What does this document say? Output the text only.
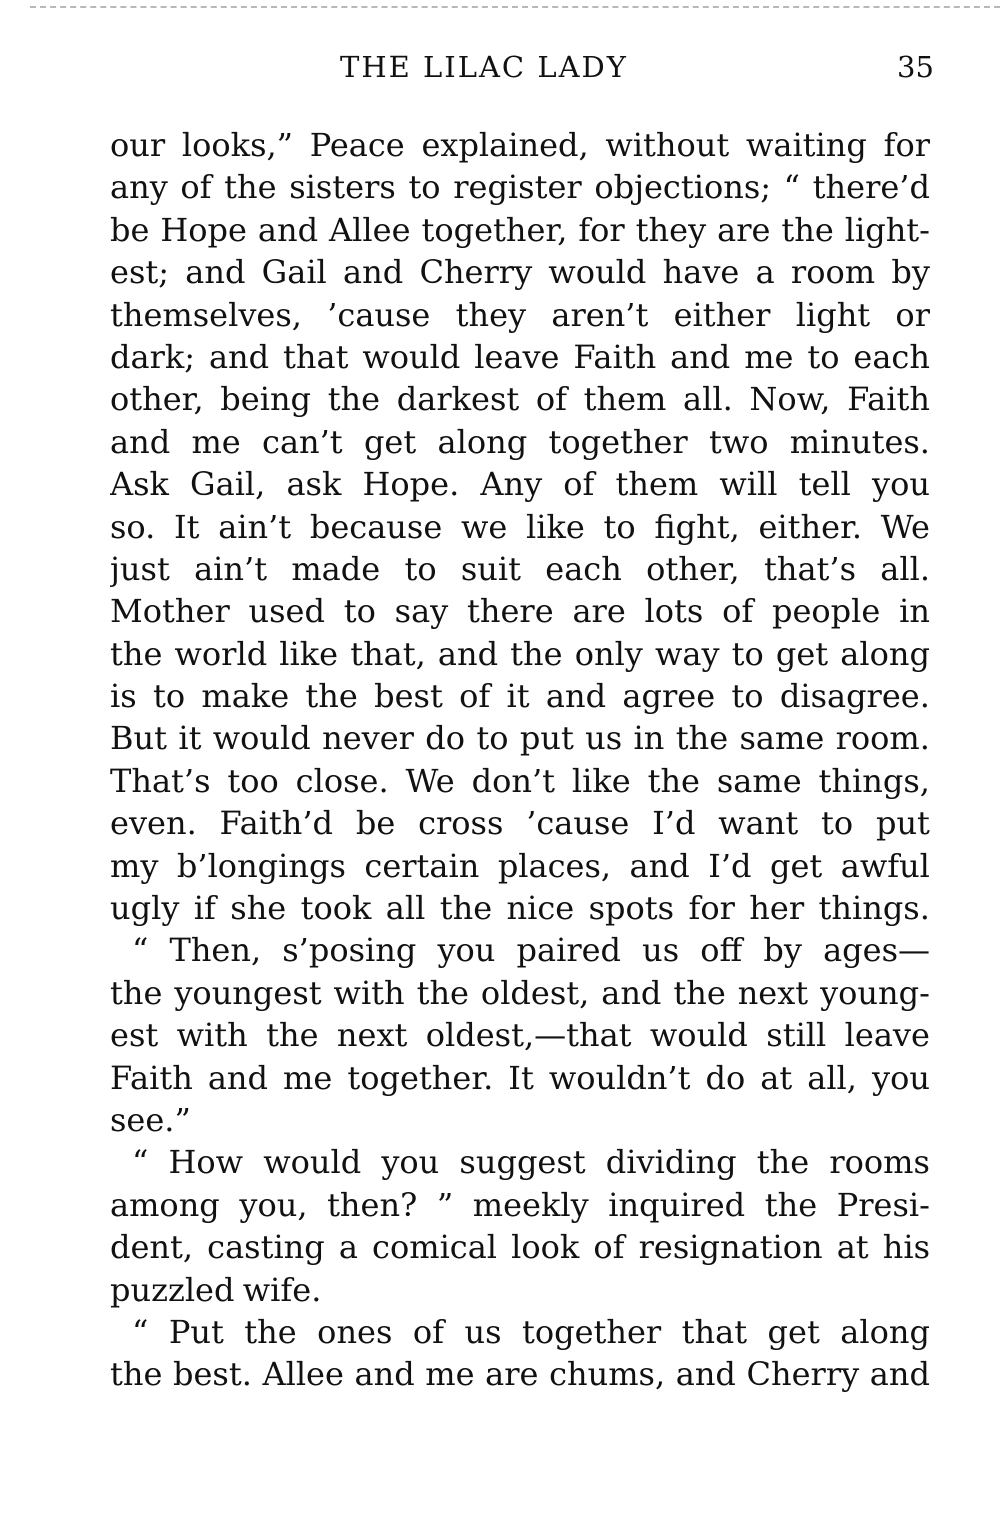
THE LILAC LADY	35
our looks,” Peace explained, without waiting for
any of the sisters to register objections; “ there’d
be Hope and Allee together, for they are the light-
est; and Gail and Cherry would have a room by
themselves, ’cause they aren’t either light or
dark; and that would leave Faith and me to each
other, being the darkest of them all. Now, Faith
and me can’t get along together two minutes.
Ask Gail, ask Hope. Any of them will tell you
so. It ain’t because we like to fight, either. We
just ain’t made to suit each other, that’s all.
Mother used to say there are lots of people in
the world like that, and the only way to get along
is to make the best of it and agree to disagree.
But it would never do to put us in the same room.
That’s too close. We don’t like the same things,
even. Faith’d be cross ’cause I’d want to put
my b’longings certain places, and I’d get awful
ugly if she took all the nice spots for her things.
“ Then, s’posing you paired us off by ages—
the youngest with the oldest, and the next young-
est with the next oldest,—that would still leave
Faith and me together. It wouldn’t do at all, you
see.”
“ How would you suggest dividing the rooms
among you, then? ” meekly inquired the Presi-
dent, casting a comical look of resignation at his
puzzled wife.
“ Put the ones of us together that get along
the best. Allee and me are chums, and Cherry and
